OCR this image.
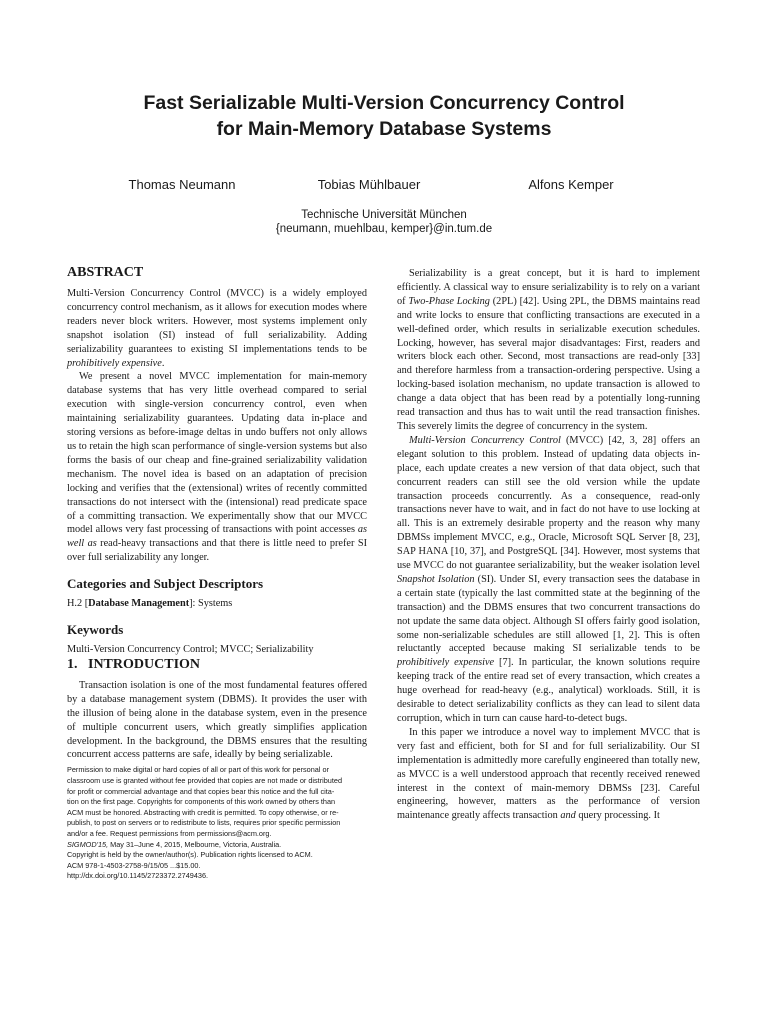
Fast Serializable Multi-Version Concurrency Control
for Main-Memory Database Systems
Thomas Neumann	Tobias Mühlbauer	Alfons Kemper
Technische Universität München
{neumann, muehlbau, kemper}@in.tum.de
ABSTRACT

Multi-Version Concurrency Control (MVCC) is a widely employed concurrency control mechanism, as it allows for execution modes where readers never block writers. However, most systems implement only snapshot isolation (SI) instead of full serializability. Adding serializability guarantees to existing SI implementations tends to be prohibitively expensive.

We present a novel MVCC implementation for main-memory database systems that has very little overhead compared to serial execution with single-version concurrency control, even when maintaining serializability guarantees. Updating data in-place and storing versions as before-image deltas in undo buffers not only allows us to retain the high scan performance of single-version systems but also forms the basis of our cheap and fine-grained serializability validation mechanism. The novel idea is based on an adaptation of precision locking and verifies that the (extensional) writes of recently committed transactions do not intersect with the (intensional) read predicate space of a committing transaction. We experimentally show that our MVCC model allows very fast processing of transactions with point accesses as well as read-heavy transactions and that there is little need to prefer SI over full serializability any longer.

Categories and Subject Descriptors

H.2 [Database Management]: Systems

Keywords

Multi-Version Concurrency Control; MVCC; Serializability

1.   INTRODUCTION

Transaction isolation is one of the most fundamental features offered by a database management system (DBMS). It provides the user with the illusion of being alone in the database system, even in the presence of multiple concurrent users, which greatly simplifies application development. In the background, the DBMS ensures that the resulting concurrent access patterns are safe, ideally by being serializable.

Permission to make digital or hard copies of all or part of this work for personal or
classroom use is granted without fee provided that copies are not made or distributed
for profit or commercial advantage and that copies bear this notice and the full cita-
tion on the first page. Copyrights for components of this work owned by others than
ACM must be honored. Abstracting with credit is permitted. To copy otherwise, or re-
publish, to post on servers or to redistribute to lists, requires prior specific permission
and/or a fee. Request permissions from permissions@acm.org.
SIGMOD'15, May 31–June 4, 2015, Melbourne, Victoria, Australia.
Copyright is held by the owner/author(s). Publication rights licensed to ACM.
ACM 978-1-4503-2758-9/15/05 ...$15.00.
http://dx.doi.org/10.1145/2723372.2749436.

Serializability is a great concept, but it is hard to implement efficiently. A classical way to ensure serializability is to rely on a variant of Two-Phase Locking (2PL) [42]. Using 2PL, the DBMS maintains read and write locks to ensure that conflicting transactions are executed in a well-defined order, which results in serializable execution schedules. Locking, however, has several major disadvantages: First, readers and writers block each other. Second, most transactions are read-only [33] and therefore harmless from a transaction-ordering perspective. Using a locking-based isolation mechanism, no update transaction is allowed to change a data object that has been read by a potentially long-running read transaction and thus has to wait until the read transaction finishes. This severely limits the degree of concurrency in the system.

Multi-Version Concurrency Control (MVCC) [42, 3, 28] offers an elegant solution to this problem. Instead of updating data objects in-place, each update creates a new version of that data object, such that concurrent readers can still see the old version while the update transaction proceeds concurrently. As a consequence, read-only transactions never have to wait, and in fact do not have to use locking at all. This is an extremely desirable property and the reason why many DBMSs implement MVCC, e.g., Oracle, Microsoft SQL Server [8, 23], SAP HANA [10, 37], and PostgreSQL [34]. However, most systems that use MVCC do not guarantee serializability, but the weaker isolation level Snapshot Isolation (SI). Under SI, every transaction sees the database in a certain state (typically the last committed state at the beginning of the transaction) and the DBMS ensures that two concurrent transactions do not update the same data object. Although SI offers fairly good isolation, some non-serializable schedules are still allowed [1, 2]. This is often reluctantly accepted because making SI serializable tends to be prohibitively expensive [7]. In particular, the known solutions require keeping track of the entire read set of every transaction, which creates a huge overhead for read-heavy (e.g., analytical) workloads. Still, it is desirable to detect serializability conflicts as they can lead to silent data corruption, which in turn can cause hard-to-detect bugs.

In this paper we introduce a novel way to implement MVCC that is very fast and efficient, both for SI and for full serializability. Our SI implementation is admittedly more carefully engineered than totally new, as MVCC is a well understood approach that recently received renewed interest in the context of main-memory DBMSs [23]. Careful engineering, however, matters as the performance of version maintenance greatly affects transaction and query processing. It
